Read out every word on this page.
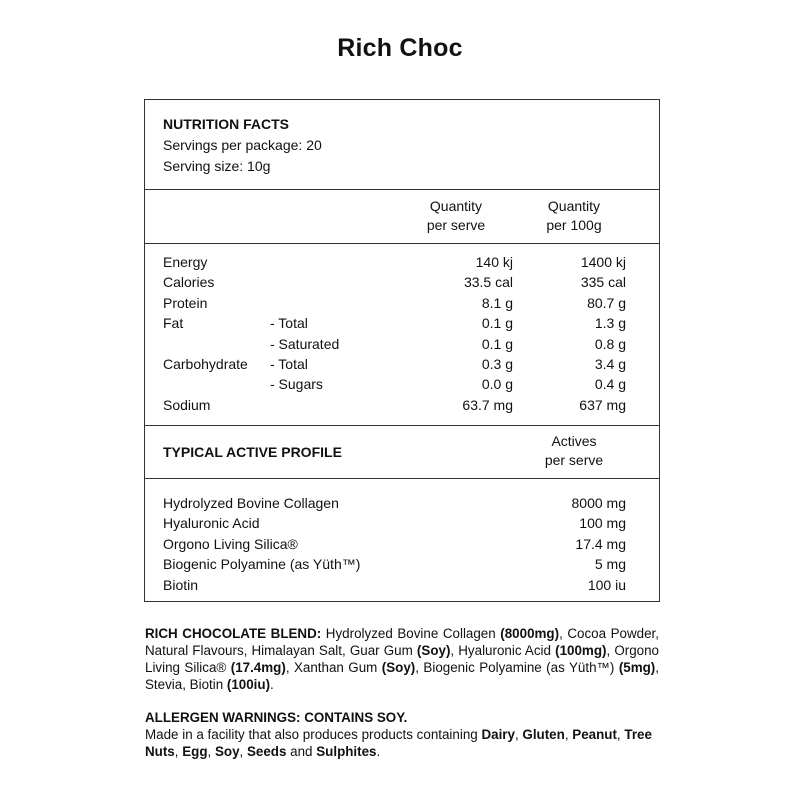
Rich Choc
NUTRITION FACTS
Servings per package: 20
Serving size: 10g
Quantity
per serve
Quantity
per 100g
Energy	140 kj	1400 kj
Calories	33.5 cal	335 cal
Protein	8.1 g	80.7 g
Fat	- Total	0.1 g	1.3 g
- Saturated	0.1 g	0.8 g
Carbohydrate - Total	0.3 g	3.4 g
- Sugars	0.0 g	0.4 g
Sodium	63.7 mg	637 mg
TYPICAL ACTIVE PROFILE
Actives
per serve
Hydrolyzed Bovine Collagen	8000 mg
Hyaluronic Acid	100 mg
Orgono Living Silica®	17.4 mg
Biogenic Polyamine (as Yüth™)	5 mg
Biotin	100 iu
RICH CHOCOLATE BLEND: Hydrolyzed Bovine Collagen (8000mg), Cocoa Powder, Natural Flavours, Himalayan Salt, Guar Gum (Soy), Hyaluronic Acid (100mg), Orgono Living Silica® (17.4mg), Xanthan Gum (Soy), Biogenic Polyamine (as Yüth™) (5mg), Stevia, Biotin (100iu).
ALLERGEN WARNINGS: CONTAINS SOY.
Made in a facility that also produces products containing Dairy, Gluten, Peanut, Tree Nuts, Egg, Soy, Seeds and Sulphites.
